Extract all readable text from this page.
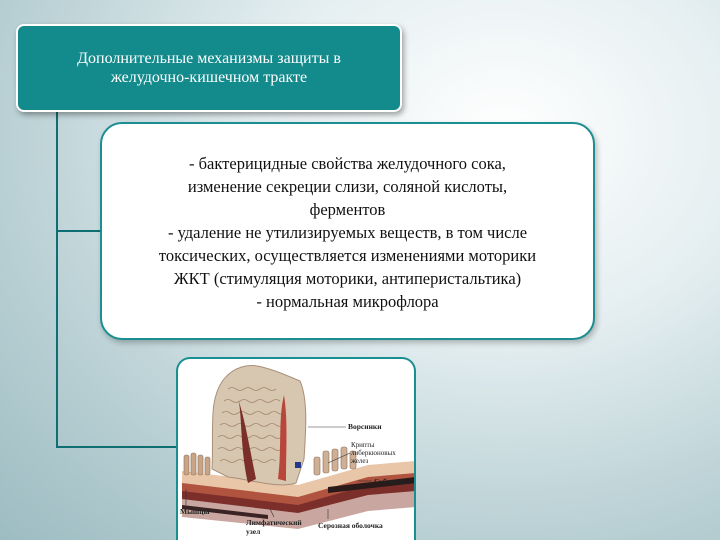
Дополнительные механизмы защиты в желудочно-кишечном тракте
- бактерицидные свойства желудочного сока,
изменение секреции слизи, соляной кислоты,
ферментов
- удаление не утилизируемых веществ, в том числе
токсических, осуществляется изменениями моторики
ЖКТ (стимуляция моторики, антиперистальтика)
- нормальная микрофлора
Ворсинки
Крипты
либеркюновых
желез
Субмукоза
Мышцы
Лимфатический
узел
Серозная оболочка
